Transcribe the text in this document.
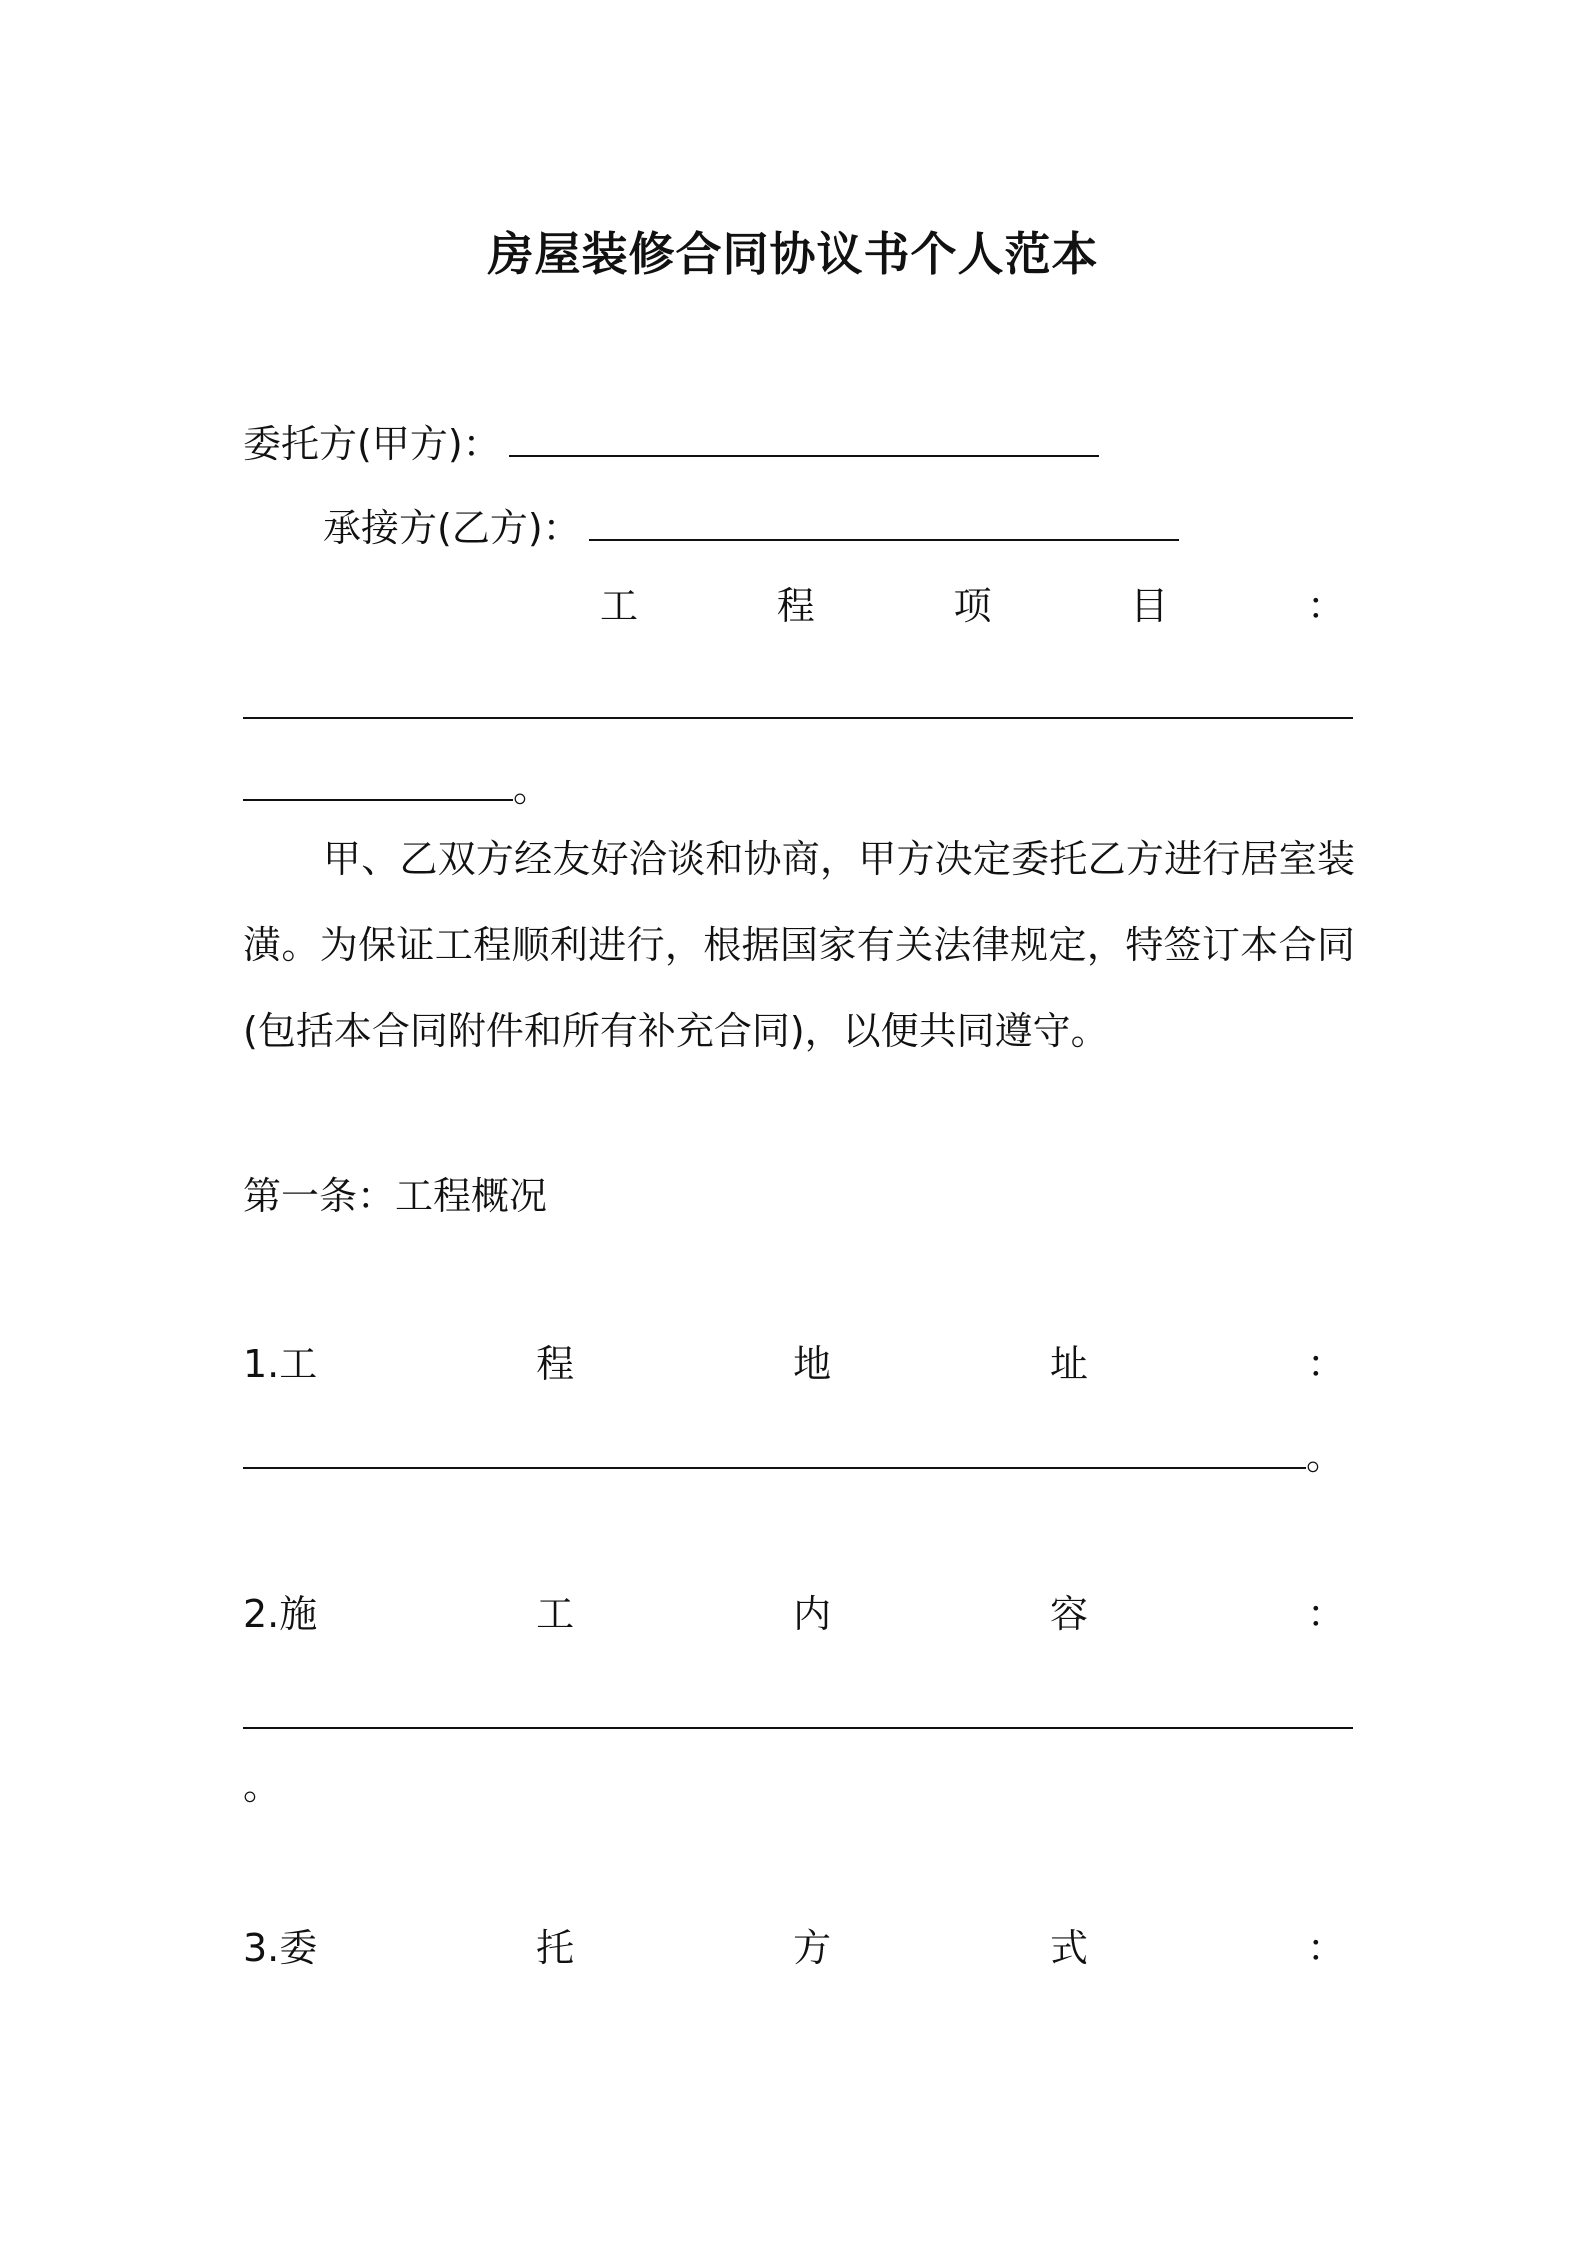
房屋装修合同协议书个人范本
委托方(甲方)：
承接方(乙方)：
工	程	项	目	：
。
甲、乙双方经友好洽谈和协商，甲方决定委托乙方进行居室装潢。为保证工程顺利进行，根据国家有关法律规定，特签订本合同(包括本合同附件和所有补充合同)，以便共同遵守。
第一条：工程概况
1.工	程	地	址	：
。
2.施	工	内	容	：
。
3.委	托	方	式	：
